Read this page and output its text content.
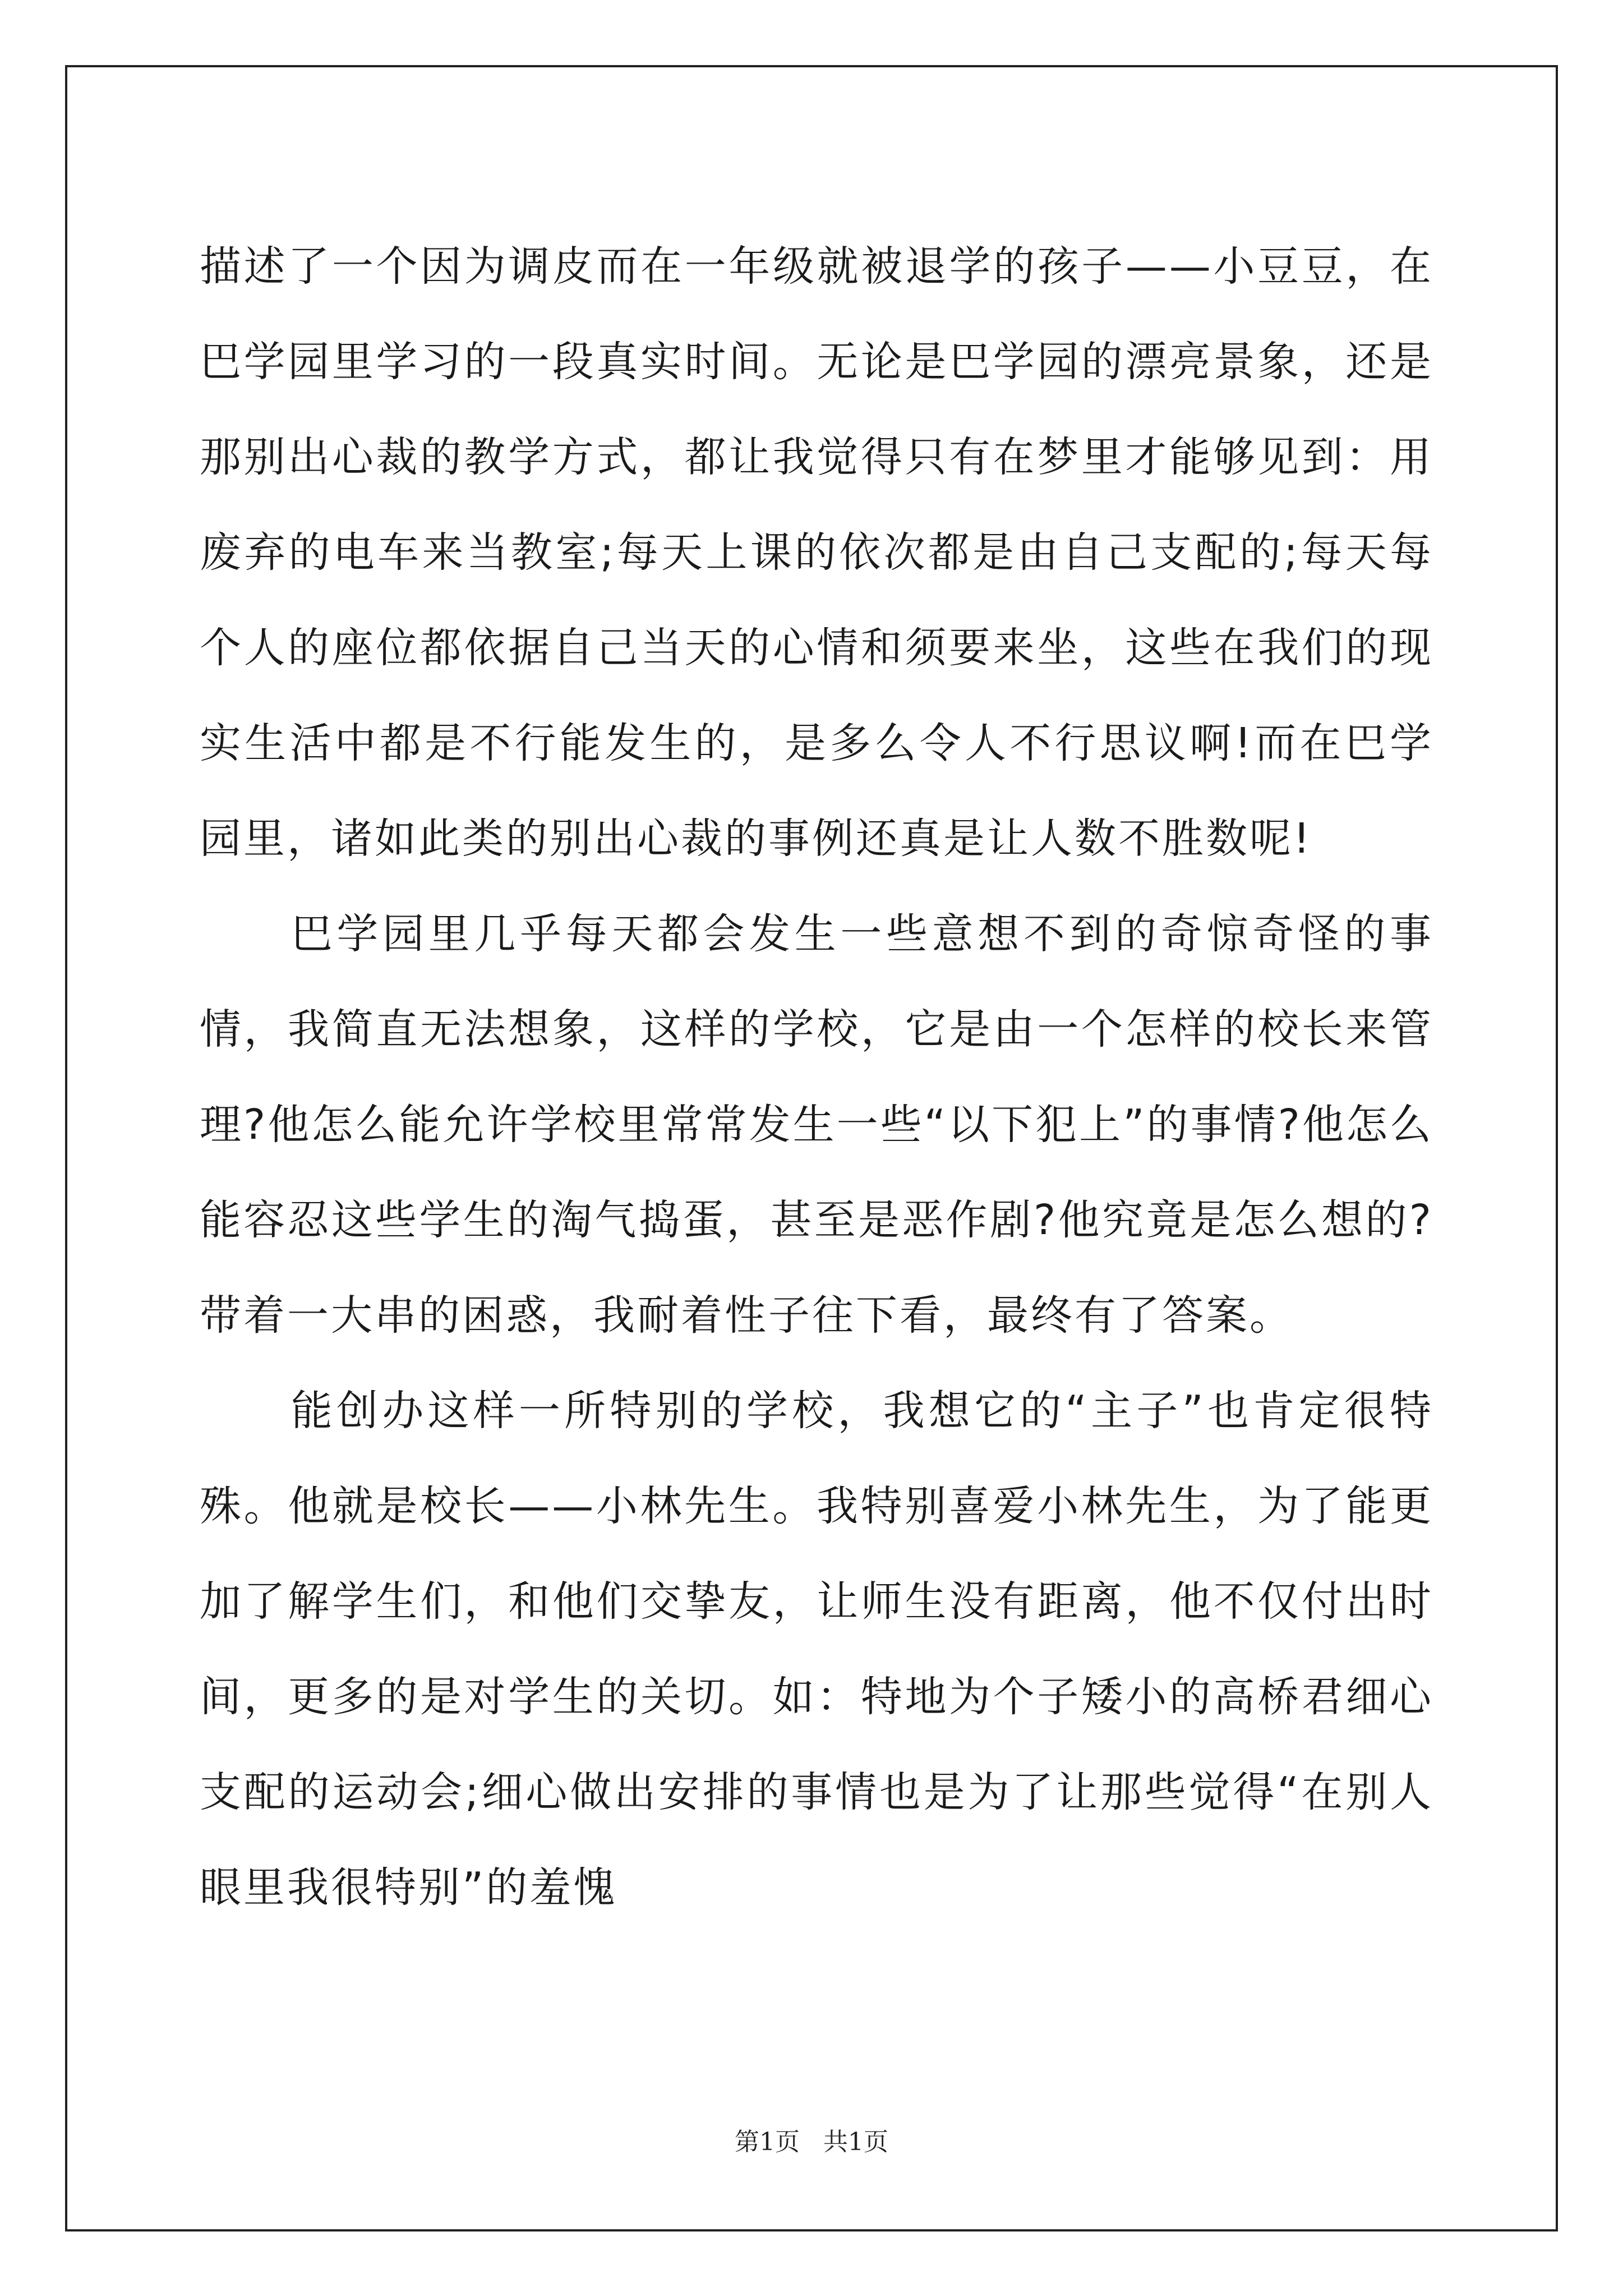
描述了一个因为调皮而在一年级就被退学的孩子——小豆豆，在巴学园里学习的一段真实时间。无论是巴学园的漂亮景象，还是那别出心裁的教学方式，都让我觉得只有在梦里才能够见到：用废弃的电车来当教室;每天上课的依次都是由自己支配的;每天每个人的座位都依据自己当天的心情和须要来坐，这些在我们的现实生活中都是不行能发生的，是多么令人不行思议啊!而在巴学园里，诸如此类的别出心裁的事例还真是让人数不胜数呢!

巴学园里几乎每天都会发生一些意想不到的奇惊奇怪的事情，我简直无法想象，这样的学校，它是由一个怎样的校长来管理?他怎么能允许学校里常常发生一些“以下犯上”的事情?他怎么能容忍这些学生的淘气捣蛋，甚至是恶作剧?他究竟是怎么想的?带着一大串的困惑，我耐着性子往下看，最终有了答案。

能创办这样一所特别的学校，我想它的“主子”也肯定很特殊。他就是校长——小林先生。我特别喜爱小林先生，为了能更加了解学生们，和他们交挚友，让师生没有距离，他不仅付出时间，更多的是对学生的关切。如：特地为个子矮小的高桥君细心支配的运动会;细心做出安排的事情也是为了让那些觉得“在别人眼里我很特别”的羞愧

第1页   共1页
